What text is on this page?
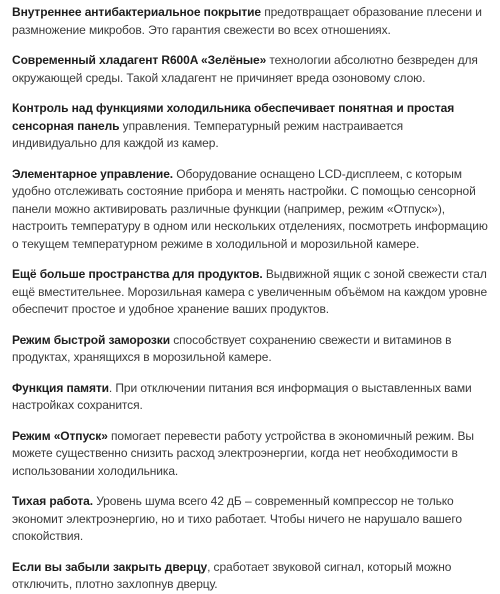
Внутреннее антибактериальное покрытие предотвращает образование плесени и размножение микробов. Это гарантия свежести во всех отношениях.

Современный хладагент R600A «Зелёные» технологии абсолютно безвреден для окружающей среды. Такой хладагент не причиняет вреда озоновому слою.

Контроль над функциями холодильника обеспечивает понятная и простая сенсорная панель управления. Температурный режим настраивается индивидуально для каждой из камер.

Элементарное управление. Оборудование оснащено LCD-дисплеем, с которым удобно отслеживать состояние прибора и менять настройки. С помощью сенсорной панели можно активировать различные функции (например, режим «Отпуск»), настроить температуру в одном или нескольких отделениях, посмотреть информацию о текущем температурном режиме в холодильной и морозильной камере.

Ещё больше пространства для продуктов. Выдвижной ящик с зоной свежести стал ещё вместительнее. Морозильная камера с увеличенным объёмом на каждом уровне обеспечит простое и удобное хранение ваших продуктов.

Режим быстрой заморозки способствует сохранению свежести и витаминов в продуктах, хранящихся в морозильной камере.

Функция памяти. При отключении питания вся информация о выставленных вами настройках сохранится.

Режим «Отпуск» помогает перевести работу устройства в экономичный режим. Вы можете существенно снизить расход электроэнергии, когда нет необходимости в использовании холодильника.

Тихая работа. Уровень шума всего 42 дБ – современный компрессор не только экономит электроэнергию, но и тихо работает. Чтобы ничего не нарушало вашего спокойствия.

Если вы забыли закрыть дверцу, сработает звуковой сигнал, который можно отключить, плотно захлопнув дверцу.
